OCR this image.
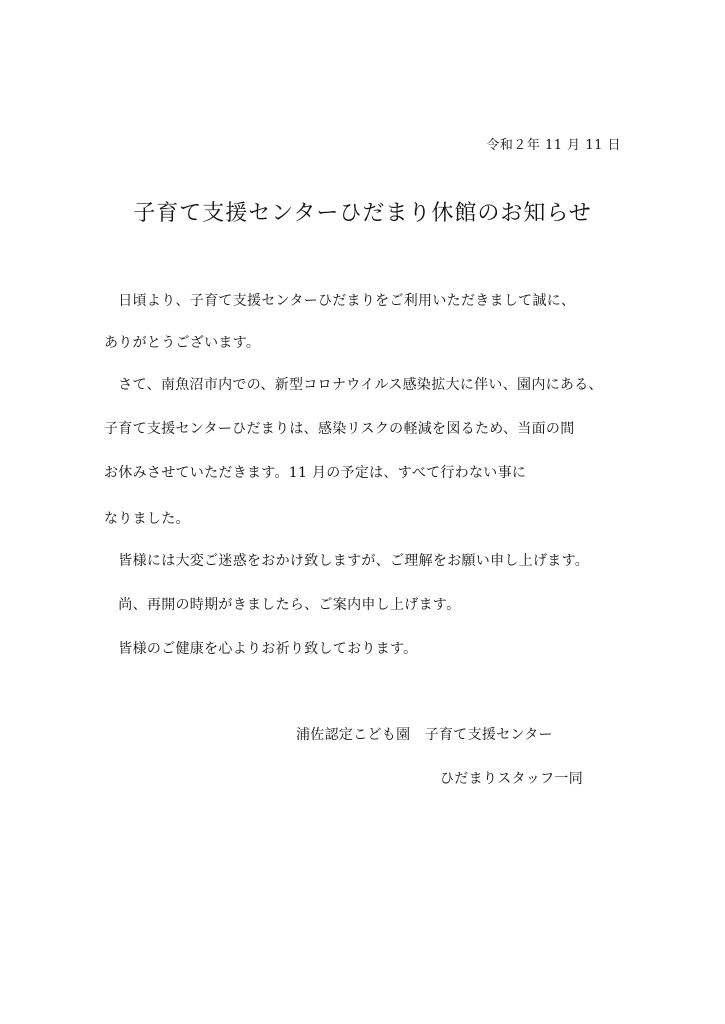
令和２年 11 月 11 日
子育て支援センターひだまり休館のお知らせ
　日頃より、子育て支援センターひだまりをご利用いただきまして誠に、
ありがとうございます。
　さて、南魚沼市内での、新型コロナウイルス感染拡大に伴い、園内にある、
子育て支援センターひだまりは、感染リスクの軽減を図るため、当面の間
お休みさせていただきます。11 月の予定は、すべて行わない事に
なりました。
　皆様には大変ご迷惑をおかけ致しますが、ご理解をお願い申し上げます。
　尚、再開の時期がきましたら、ご案内申し上げます。
　皆様のご健康を心よりお祈り致しております。
浦佐認定こども園　子育て支援センター
ひだまりスタッフ一同
